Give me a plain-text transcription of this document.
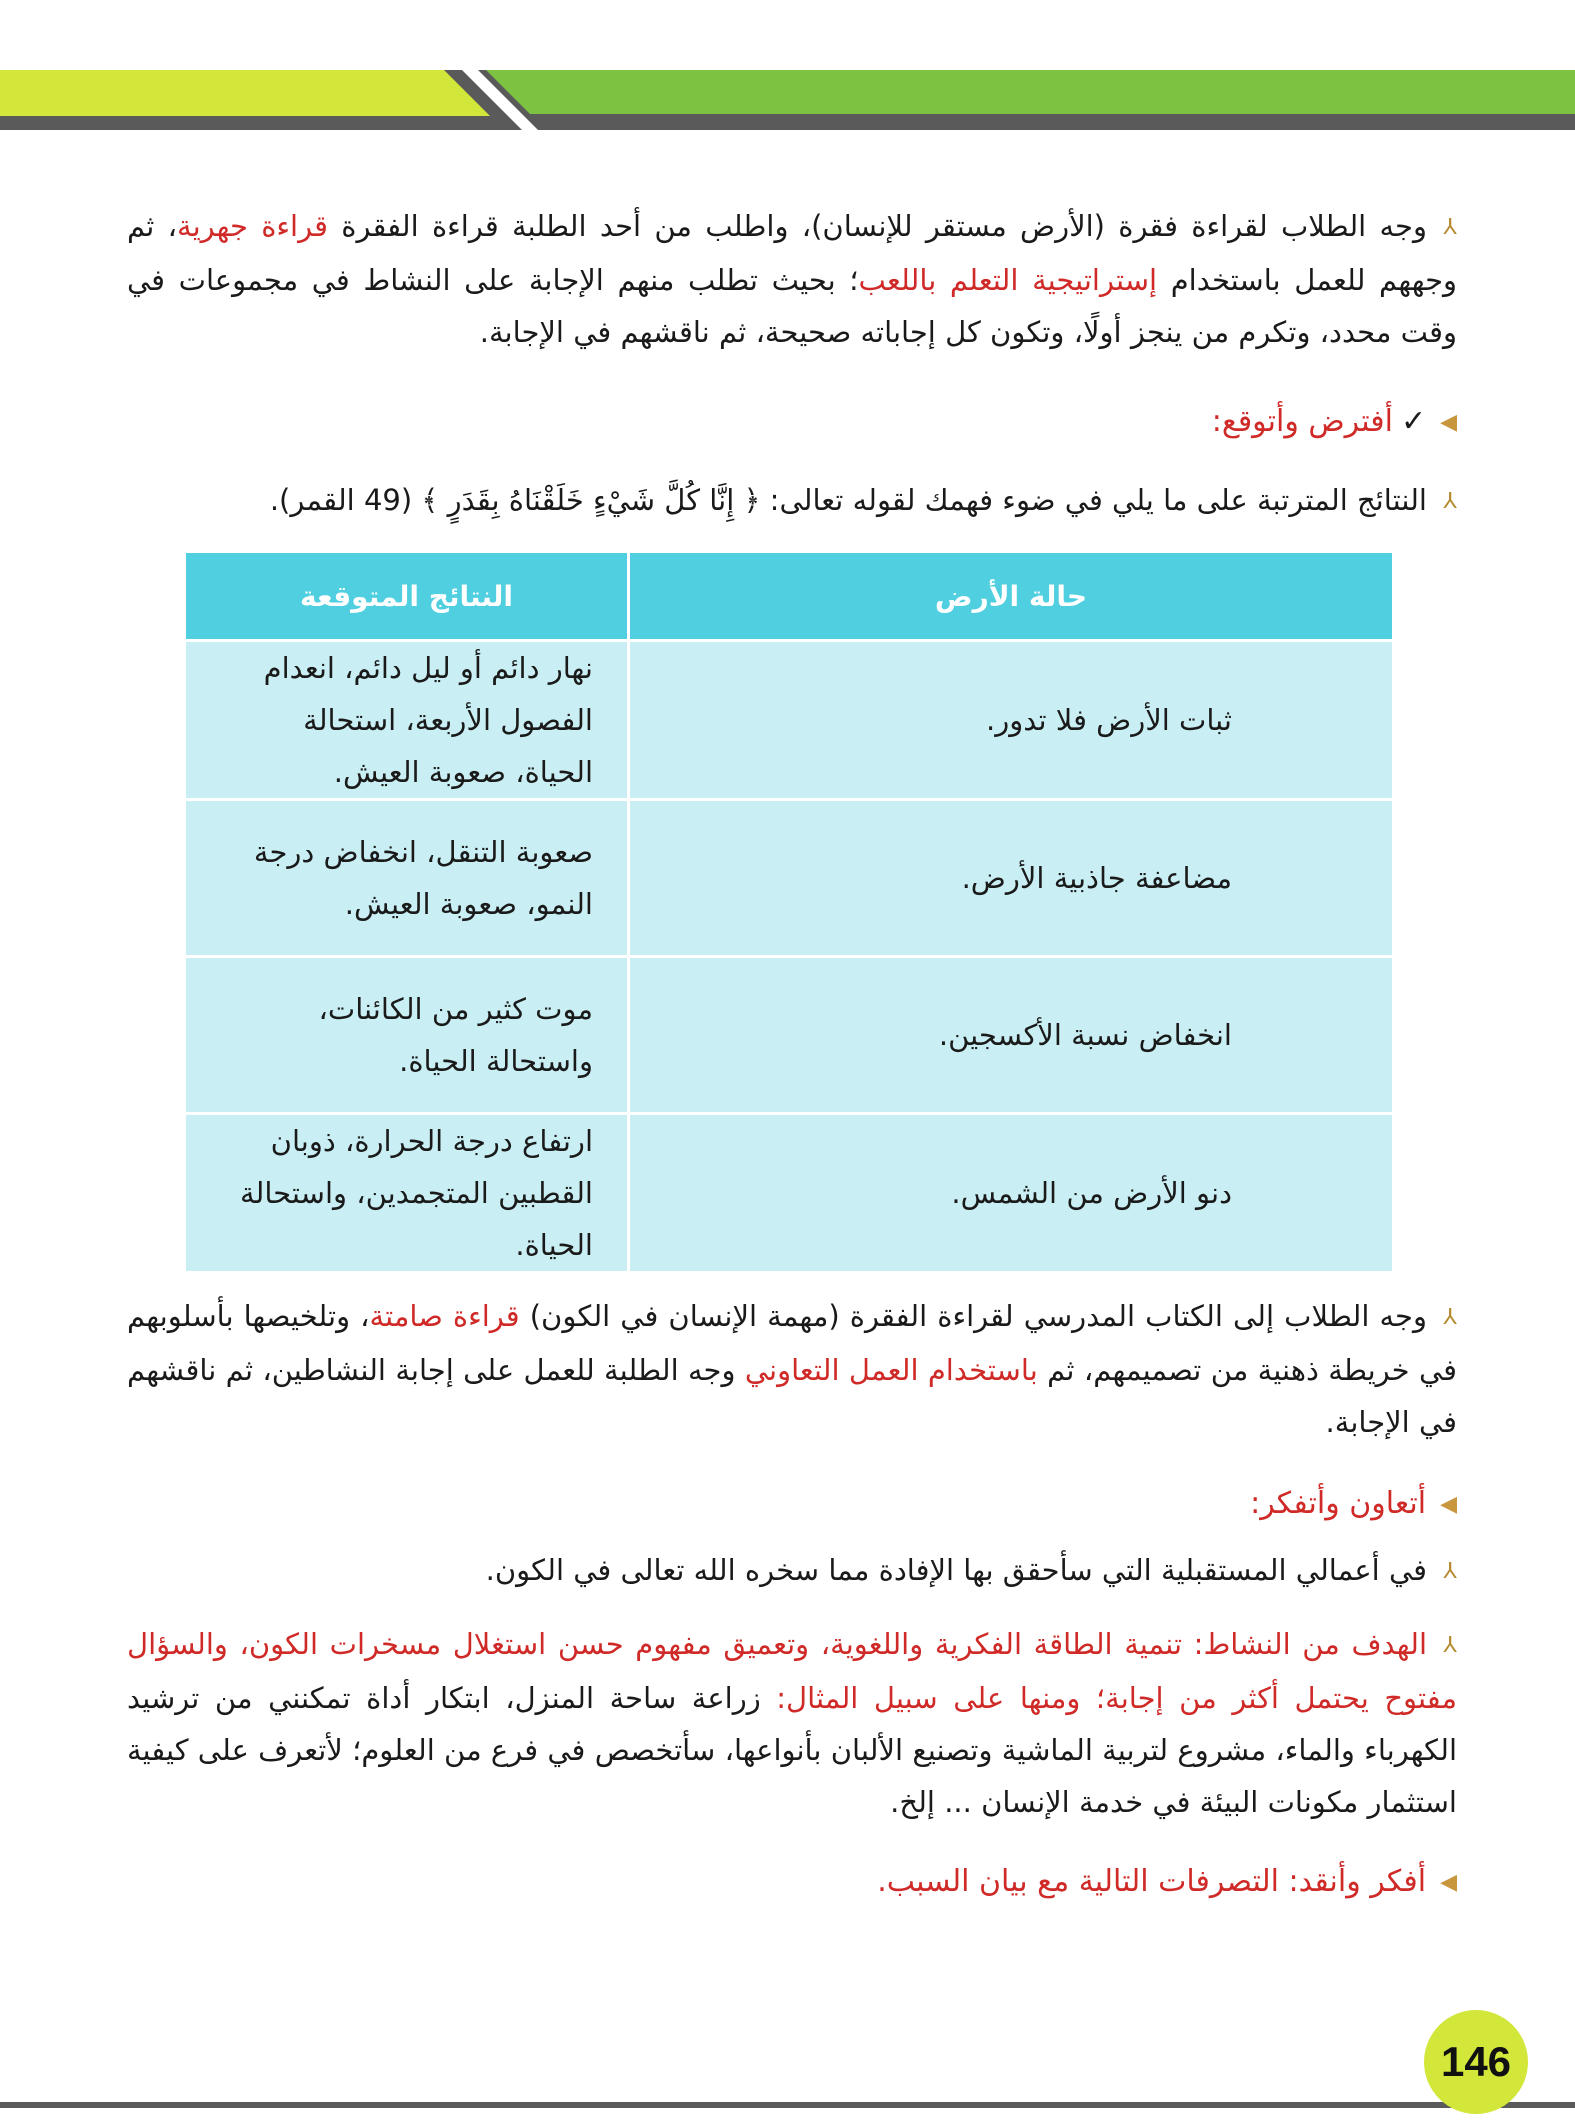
⅄وجه الطلاب لقراءة فقرة (الأرض مستقر للإنسان)، واطلب من أحد الطلبة قراءة الفقرة قراءة جهرية، ثم وجههم للعمل باستخدام إستراتيجية التعلم باللعب؛ بحيث تطلب منهم الإجابة على النشاط في مجموعات في وقت محدد، وتكرم من ينجز أولًا، وتكون كل إجاباته صحيحة، ثم ناقشهم في الإجابة.
◀✓أفترض وأتوقع:
⅄النتائج المترتبة على ما يلي في ضوء فهمك لقوله تعالى: ﴿ إِنَّا كُلَّ شَيْءٍ خَلَقْنَاهُ بِقَدَرٍ ﴾ (49 القمر).
حالة الأرض	النتائج المتوقعة
ثبات الأرض فلا تدور.	نهار دائم أو ليل دائم، انعدام الفصول الأربعة، استحالة الحياة، صعوبة العيش.
مضاعفة جاذبية الأرض.	صعوبة التنقل، انخفاض درجة النمو، صعوبة العيش.
انخفاض نسبة الأكسجين.	موت كثير من الكائنات، واستحالة الحياة.
دنو الأرض من الشمس.	ارتفاع درجة الحرارة، ذوبان القطبين المتجمدين، واستحالة الحياة.
⅄وجه الطلاب إلى الكتاب المدرسي لقراءة الفقرة (مهمة الإنسان في الكون) قراءة صامتة، وتلخيصها بأسلوبهم في خريطة ذهنية من تصميمهم، ثم باستخدام العمل التعاوني وجه الطلبة للعمل على إجابة النشاطين، ثم ناقشهم في الإجابة.
◀أتعاون وأتفكر:
⅄في أعمالي المستقبلية التي سأحقق بها الإفادة مما سخره الله تعالى في الكون.
⅄الهدف من النشاط: تنمية الطاقة الفكرية واللغوية، وتعميق مفهوم حسن استغلال مسخرات الكون، والسؤال مفتوح يحتمل أكثر من إجابة؛ ومنها على سبيل المثال: زراعة ساحة المنزل، ابتكار أداة تمكنني من ترشيد الكهرباء والماء، مشروع لتربية الماشية وتصنيع الألبان بأنواعها، سأتخصص في فرع من العلوم؛ لأتعرف على كيفية استثمار مكونات البيئة في خدمة الإنسان ... إلخ.
◀أفكر وأنقد: التصرفات التالية مع بيان السبب.
146
